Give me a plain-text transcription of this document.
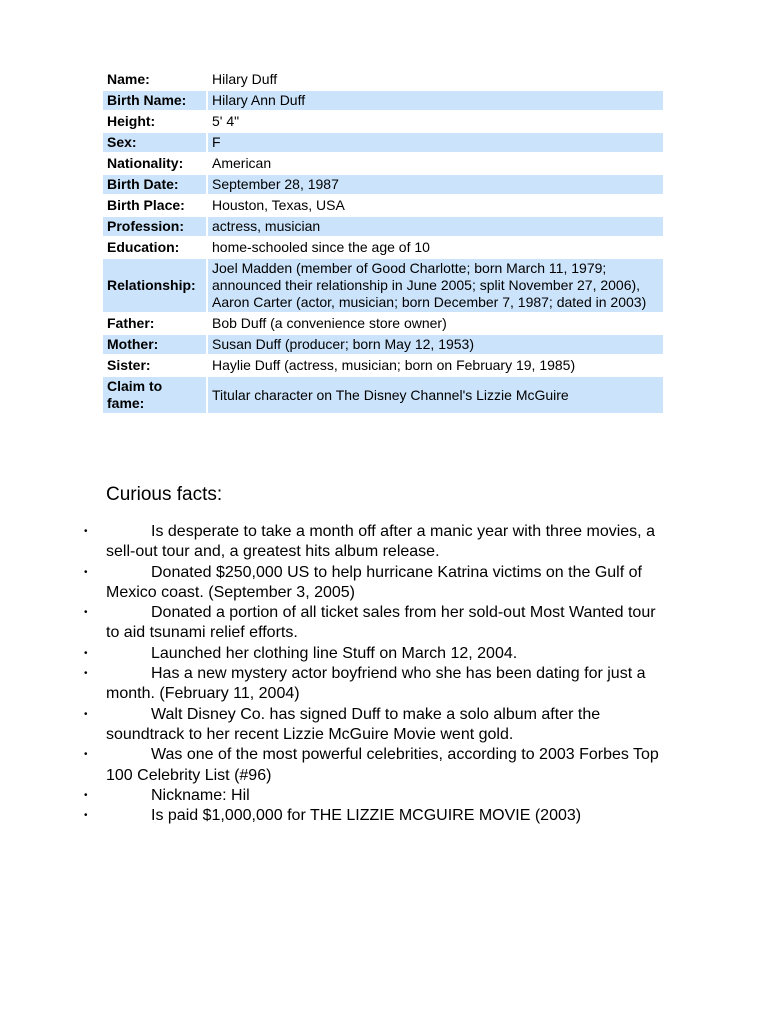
Name:	Hilary Duff
Birth Name:	Hilary Ann Duff
Height:	5' 4"
Sex:	F
Nationality:	American
Birth Date:	September 28, 1987
Birth Place:	Houston, Texas, USA
Profession:	actress, musician
Education:	home-schooled since the age of 10
Relationship:	Joel Madden (member of Good Charlotte; born March 11, 1979; announced their relationship in June 2005; split November 27, 2006), Aaron Carter (actor, musician; born December 7, 1987; dated in 2003)
Father:	Bob Duff (a convenience store owner)
Mother:	Susan Duff (producer; born May 12, 1953)
Sister:	Haylie Duff (actress, musician; born on February 19, 1985)
Claim to fame:	Titular character on The Disney Channel's Lizzie McGuire
Curious facts:
•	Is desperate to take a month off after a manic year with three movies, a sell-out tour and, a greatest hits album release.
•	Donated $250,000 US to help hurricane Katrina victims on the Gulf of Mexico coast. (September 3, 2005)
•	Donated a portion of all ticket sales from her sold-out Most Wanted tour to aid tsunami relief efforts.
•	Launched her clothing line Stuff on March 12, 2004.
•	Has a new mystery actor boyfriend who she has been dating for just a month. (February 11, 2004)
•	Walt Disney Co. has signed Duff to make a solo album after the soundtrack to her recent Lizzie McGuire Movie went gold.
•	Was one of the most powerful celebrities, according to 2003 Forbes Top 100 Celebrity List (#96)
•	Nickname: Hil
•	Is paid $1,000,000 for THE LIZZIE MCGUIRE MOVIE (2003)
